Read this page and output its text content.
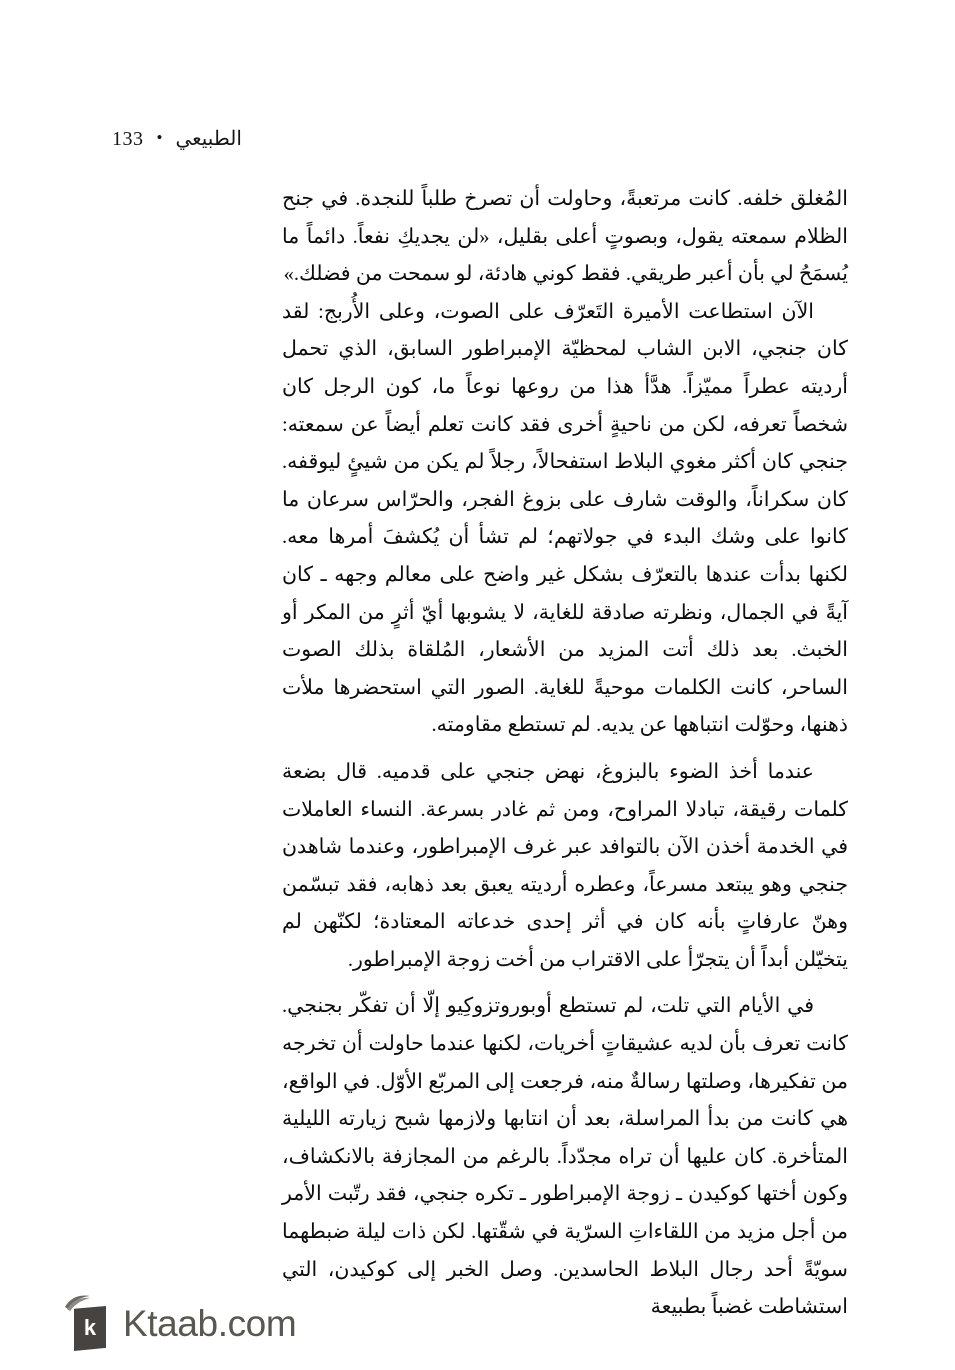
133 • الطبيعي

المُغلق خلفه. كانت مرتعبةً، وحاولت أن تصرخ طلباً للنجدة. في جنح الظلام سمعته يقول، وبصوتٍ أعلى بقليل، «لن يجديكِ نفعاً. دائماً ما يُسمَحُ لي بأن أعبر طريقي. فقط كوني هادئة، لو سمحت من فضلك.»

الآن استطاعت الأميرة التَعرّف على الصوت، وعلى الأُربج: لقد كان جنجي، الابن الشاب لمحظيّة الإمبراطور السابق، الذي تحمل أرديته عطراً مميّزاً. هدَّأ هذا من روعها نوعاً ما، كون الرجل كان شخصاً تعرفه، لكن من ناحيةٍ أخرى فقد كانت تعلم أيضاً عن سمعته: جنجي كان أكثر مغوي البلاط استفحالاً، رجلاً لم يكن من شيئٍ ليوقفه. كان سكراناً، والوقت شارف على بزوغ الفجر، والحرّاس سرعان ما كانوا على وشك البدء في جولاتهم؛ لم تشأ أن يُكشفَ أمرها معه. لكنها بدأت عندها بالتعرّف بشكل غير واضح على معالم وجهه ـ كان آيةً في الجمال، ونظرته صادقة للغاية، لا يشوبها أيّ أثرٍ من المكر أو الخبث. بعد ذلك أتت المزيد من الأشعار، المُلقاة بذلك الصوت الساحر، كانت الكلمات موحيةً للغاية. الصور التي استحضرها ملأت ذهنها، وحوّلت انتباهها عن يديه. لم تستطع مقاومته.

عندما أخذ الضوء بالبزوغ، نهض جنجي على قدميه. قال بضعة كلمات رقيقة، تبادلا المراوح، ومن ثم غادر بسرعة. النساء العاملات في الخدمة أخذن الآن بالتوافد عبر غرف الإمبراطور، وعندما شاهدن جنجي وهو يبتعد مسرعاً، وعطره أرديته يعبق بعد ذهابه، فقد تبسّمن وهنّ عارفاتٍ بأنه كان في أثر إحدى خدعاته المعتادة؛ لكنّهن لم يتخيّلن أبداً أن يتجرّأ على الاقتراب من أخت زوجة الإمبراطور.

في الأيام التي تلت، لم تستطع أوبوروتزوكِيو إلّا أن تفكّر بجنجي. كانت تعرف بأن لديه عشيقاتٍ أخريات، لكنها عندما حاولت أن تخرجه من تفكيرها، وصلتها رسالةٌ منه، فرجعت إلى المربّع الأوّل. في الواقع، هي كانت من بدأ المراسلة، بعد أن انتابها ولازمها شبح زيارته الليلية المتأخرة. كان عليها أن تراه مجدّداً. بالرغم من المجازفة بالانكشاف، وكون أختها كوكيدن ـ زوجة الإمبراطور ـ تكره جنجي، فقد رتّبت الأمر من أجل مزيد من اللقاءاتِ السرّية في شقّتها. لكن ذات ليلة ضبطهما سويّةً أحد رجال البلاط الحاسدين. وصل الخبر إلى كوكيدن، التي استشاطت غضباً بطبيعة

k Ktaab.com
